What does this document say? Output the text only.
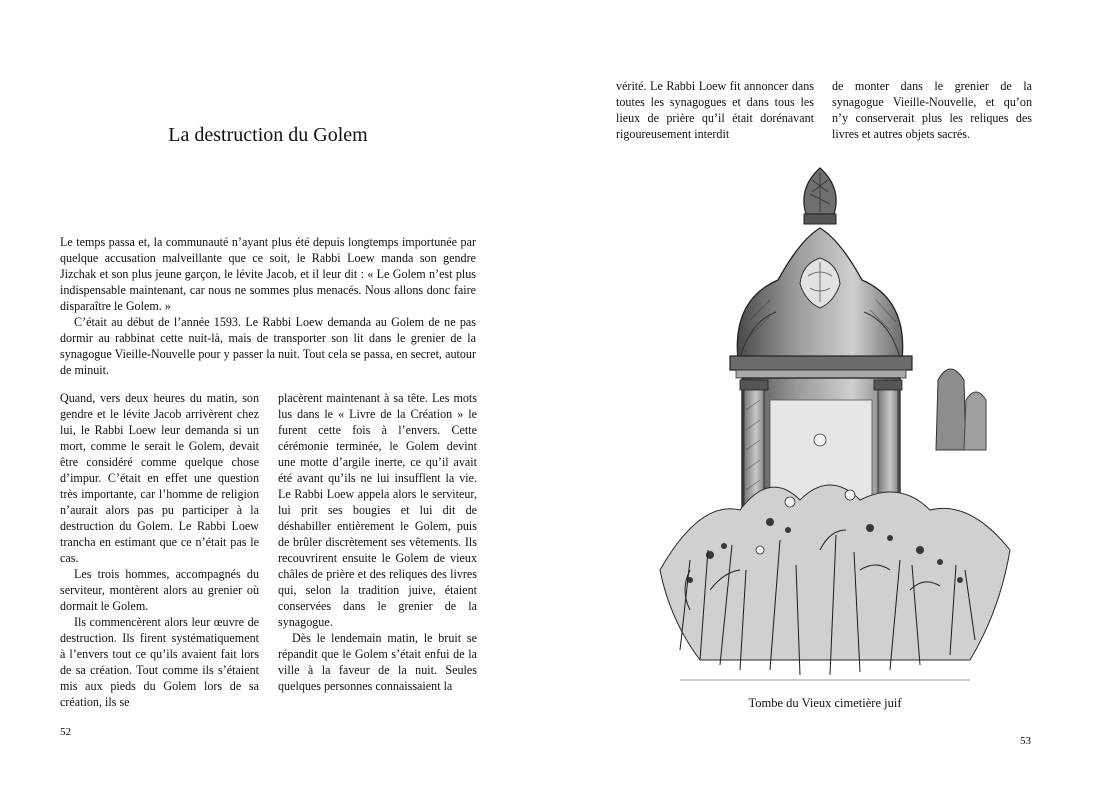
La destruction du Golem

Le temps passa et, la communauté n’ayant plus été depuis longtemps importunée par quelque accusation malveillante que ce soit, le Rabbi Loew manda son gendre Jizchak et son plus jeune garçon, le lévite Jacob, et il leur dit : « Le Golem n’est plus indispensable maintenant, car nous ne sommes plus menacés. Nous allons donc faire disparaître le Golem. »

C’était au début de l’année 1593. Le Rabbi Loew demanda au Golem de ne pas dormir au rabbinat cette nuit-là, mais de transporter son lit dans le grenier de la synagogue Vieille-Nouvelle pour y passer la nuit. Tout cela se passa, en secret, autour de minuit.

Quand, vers deux heures du matin, son gendre et le lévite Jacob arrivèrent chez lui, le Rabbi Loew leur demanda si un mort, comme le serait le Golem, devait être considéré comme quelque chose d’impur. C’était en effet une question très importante, car l’homme de religion n’aurait alors pas pu participer à la destruction du Golem. Le Rabbi Loew trancha en estimant que ce n’était pas le cas.

Les trois hommes, accompagnés du serviteur, montèrent alors au grenier où dormait le Golem.

Ils commencèrent alors leur œuvre de destruction. Ils firent systématiquement à l’envers tout ce qu’ils avaient fait lors de sa création. Tout comme ils s’étaient mis aux pieds du Golem lors de sa création, ils se

placèrent maintenant à sa tête. Les mots lus dans le « Livre de la Création » le furent cette fois à l’envers. Cette cérémonie terminée, le Golem devint une motte d’argile inerte, ce qu’il avait été avant qu’ils ne lui insufflent la vie. Le Rabbi Loew appela alors le serviteur, lui prit ses bougies et lui dit de déshabiller entièrement le Golem, puis de brûler discrètement ses vêtements. Ils recouvrirent ensuite le Golem de vieux châles de prière et des reliques des livres qui, selon la tradition juive, étaient conservées dans le grenier de la synagogue.

Dès le lendemain matin, le bruit se répandit que le Golem s’était enfui de la ville à la faveur de la nuit. Seules quelques personnes connaissaient la

52

vérité. Le Rabbi Loew fit annoncer dans toutes les synagogues et dans tous les lieux de prière qu’il était dorénavant rigoureusement interdit

de monter dans le grenier de la synagogue Vieille-Nouvelle, et qu’on n’y conserverait plus les reliques des livres et autres objets sacrés.

Tombe du Vieux cimetière juif
53
